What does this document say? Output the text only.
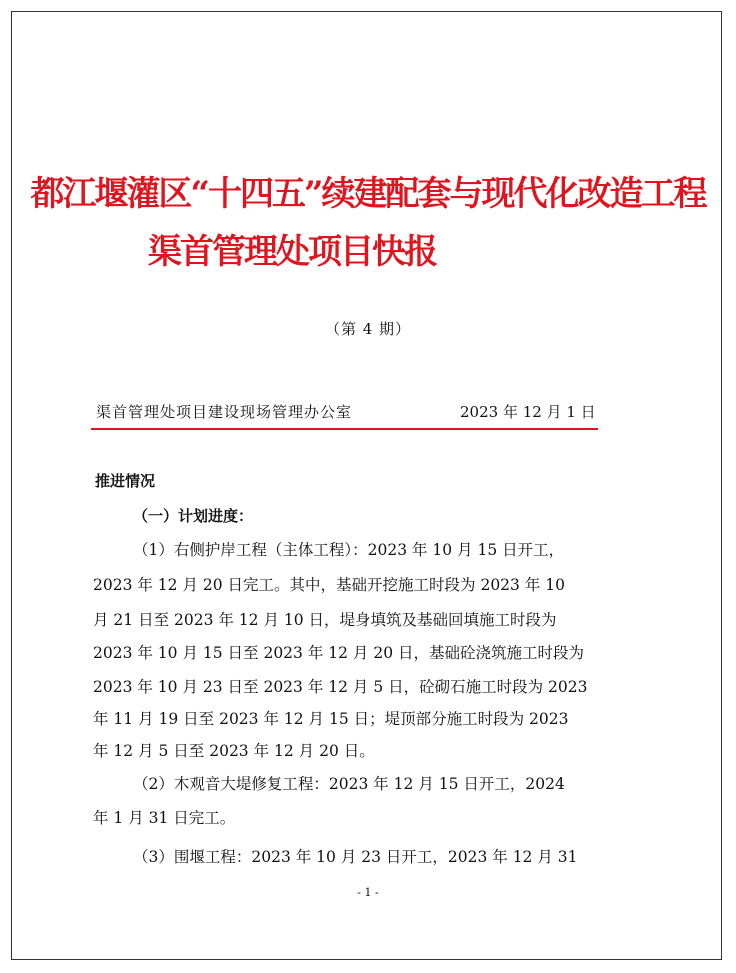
都江堰灌区“十四五”续建配套与现代化改造工程
渠首管理处项目快报
（第 4 期）
渠首管理处项目建设现场管理办公室	2023 年 12 月 1 日
推进情况
（一）计划进度：
（1）右侧护岸工程（主体工程）：2023 年 10 月 15 日开工，
2023 年 12 月 20 日完工。其中，基础开挖施工时段为 2023 年 10
月 21 日至 2023 年 12 月 10 日，堤身填筑及基础回填施工时段为
2023 年 10 月 15 日至 2023 年 12 月 20 日，基础砼浇筑施工时段为
2023 年 10 月 23 日至 2023 年 12 月 5 日，砼砌石施工时段为 2023
年 11 月 19 日至 2023 年 12 月 15 日；堤顶部分施工时段为 2023
年 12 月 5 日至 2023 年 12 月 20 日。
（2）木观音大堤修复工程：2023 年 12 月 15 日开工，2024
年 1 月 31 日完工。
（3）围堰工程：2023 年 10 月 23 日开工，2023 年 12 月 31
- 1 -
